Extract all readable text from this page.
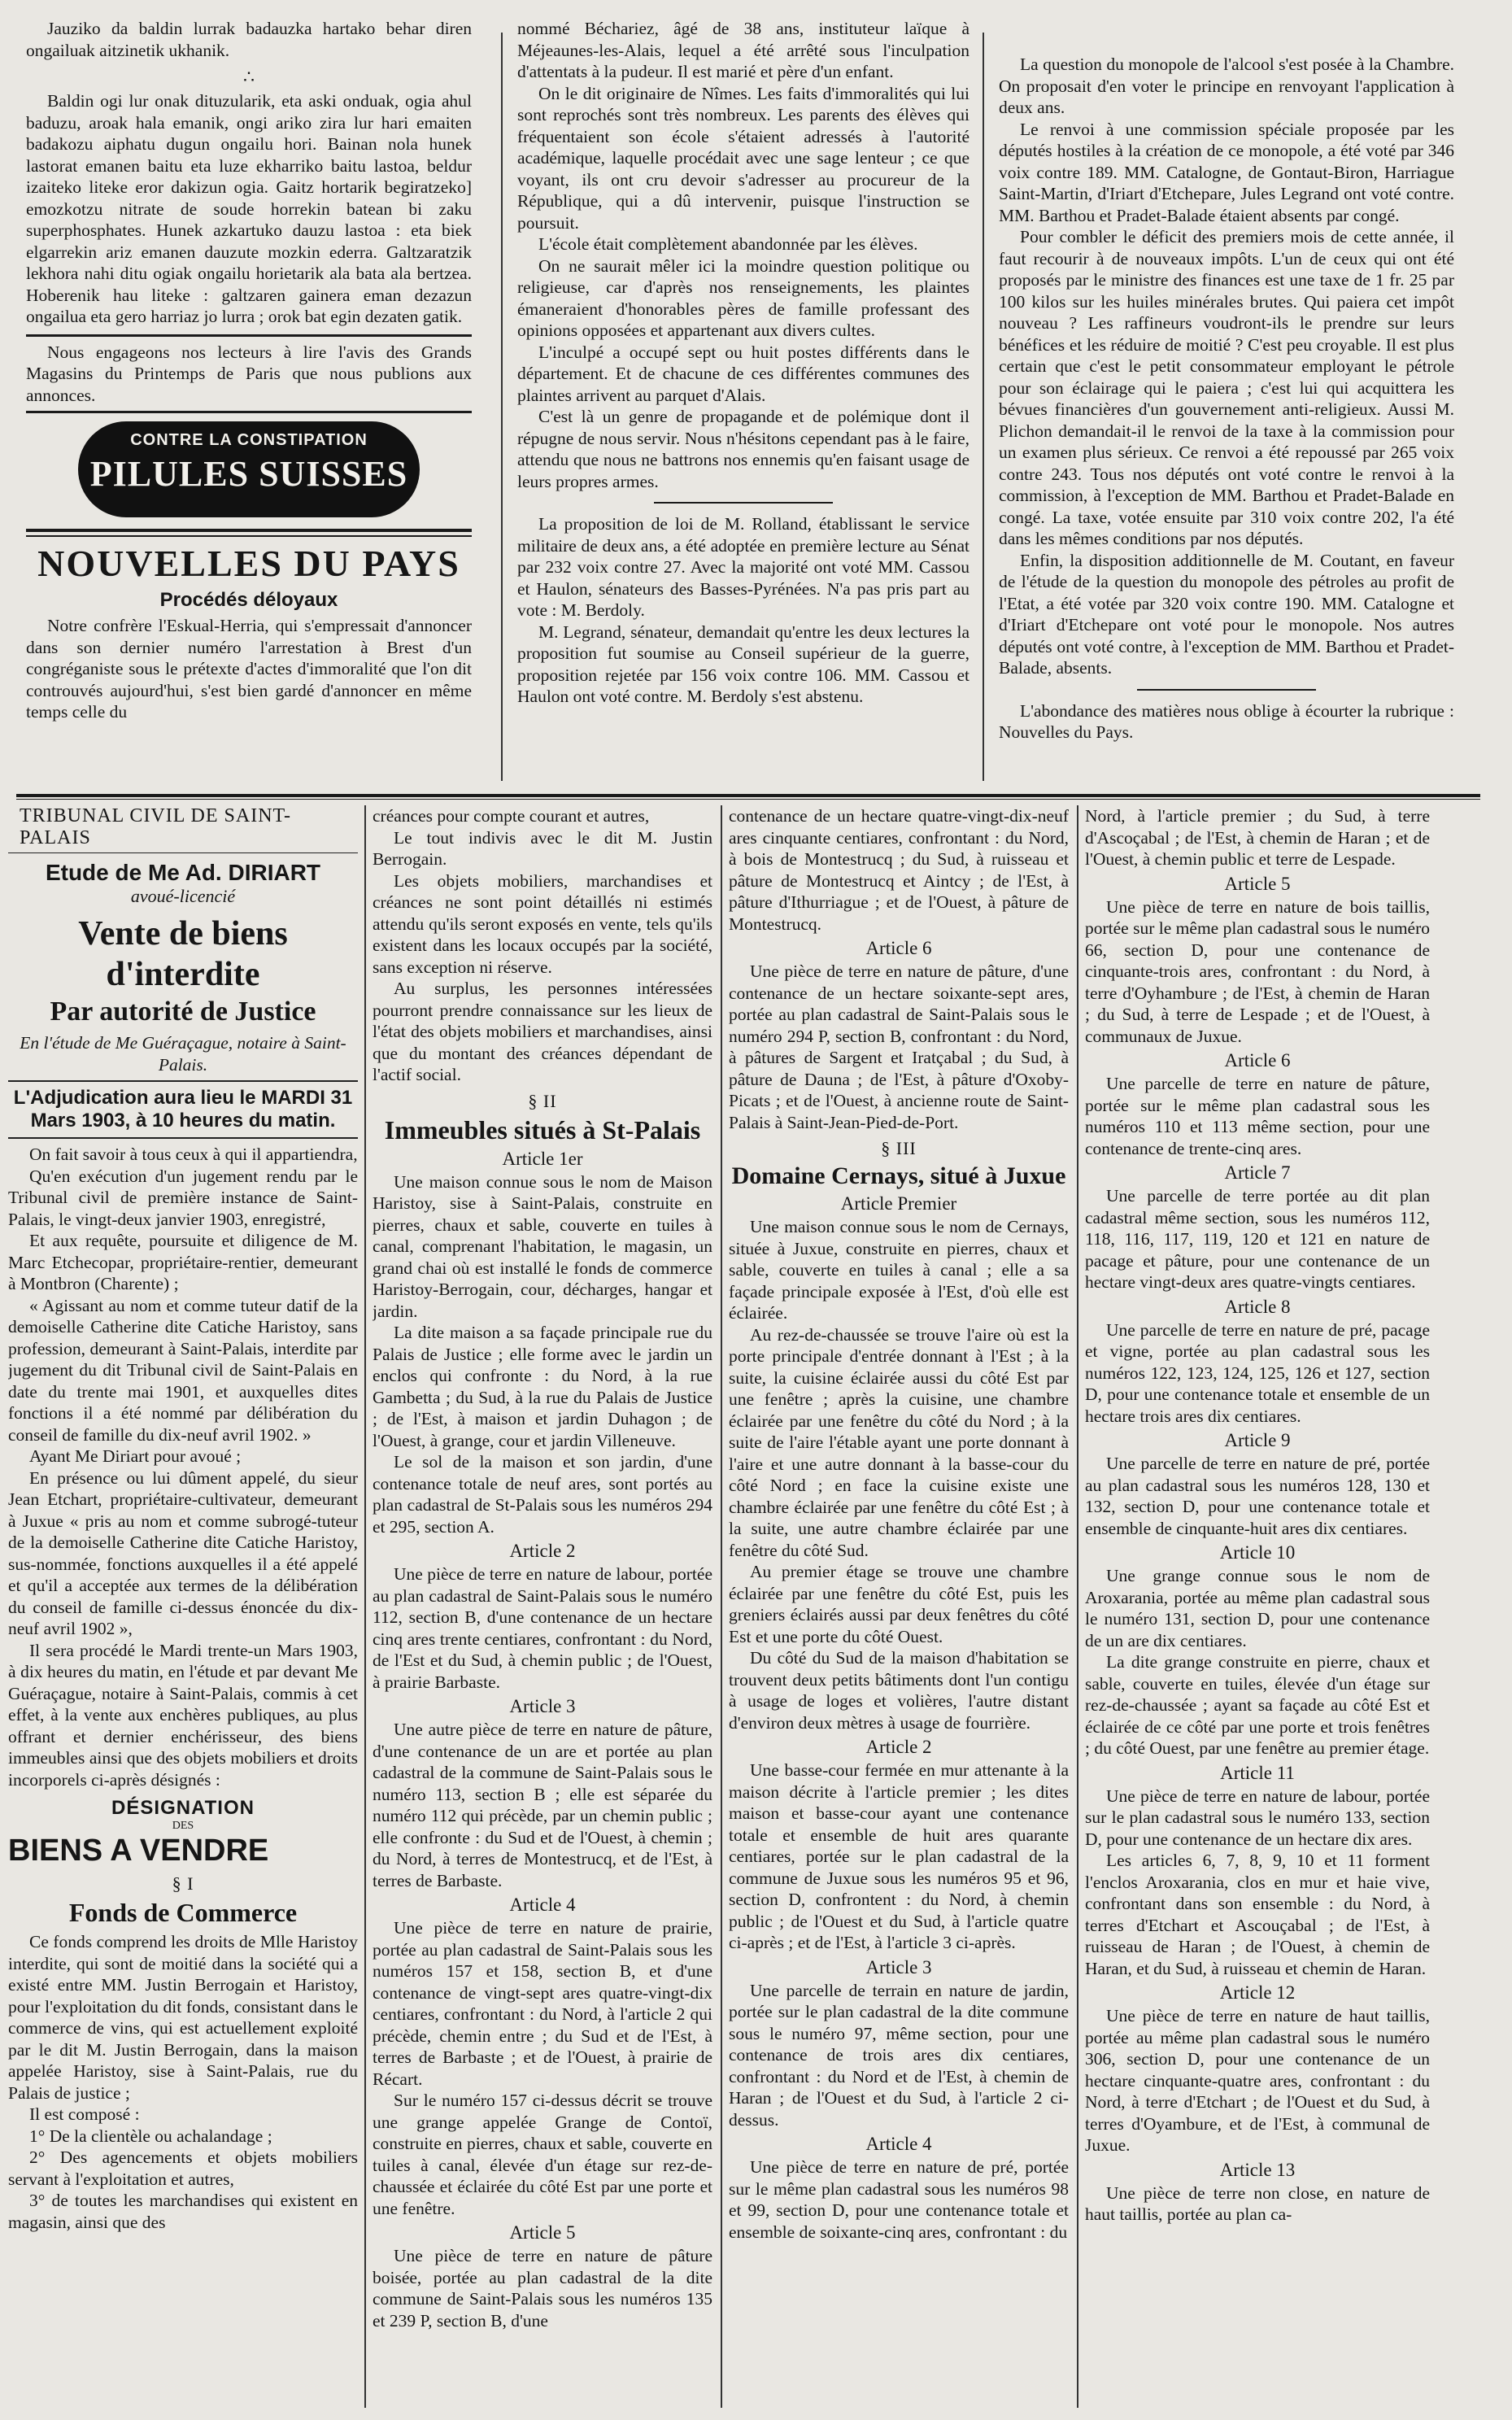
Jauziko da baldin lurrak badauzka hartako behar diren ongailuak aitzinetik ukhanik.

∴

Baldin ogi lur onak dituzularik, eta aski onduak, ogia ahul baduzu, aroak hala emanik, ongi ariko zira lur hari emaiten badakozu aiphatu dugun ongailu hori. Bainan nola hunek lastorat emanen baitu eta luze ekharriko baitu lastoa, beldur izaiteko liteke eror dakizun ogia. Gaitz hortarik begiratzeko] emozkotzu nitrate de soude horrekin batean bi zaku superphosphates. Hunek azkartuko dauzu lastoa : eta biek elgarrekin ariz emanen dauzute mozkin ederra. Galtzaratzik lekhora nahi ditu ogiak ongailu horietarik ala bata ala bertzea. Hoberenik hau liteke : galtzaren gainera eman dezazun ongailua eta gero harriaz jo lurra ; orok bat egin dezaten gatik.

Nous engageons nos lecteurs à lire l'avis des Grands Magasins du Printemps de Paris que nous publions aux annonces.

CONTRE LA CONSTIPATION
PILULES SUISSES
NOUVELLES DU PAYS
Procédés déloyaux

Notre confrère l'Eskual-Herria, qui s'empressait d'annoncer dans son dernier numéro l'arrestation à Brest d'un congréganiste sous le prétexte d'actes d'immoralité que l'on dit controuvés aujourd'hui, s'est bien gardé d'annoncer en même temps celle du

nommé Béchariez, âgé de 38 ans, instituteur laïque à Méjeaunes-les-Alais, lequel a été arrêté sous l'inculpation d'attentats à la pudeur. Il est marié et père d'un enfant.

On le dit originaire de Nîmes. Les faits d'immoralités qui lui sont reprochés sont très nombreux. Les parents des élèves qui fréquentaient son école s'étaient adressés à l'autorité académique, laquelle procédait avec une sage lenteur ; ce que voyant, ils ont cru devoir s'adresser au procureur de la République, qui a dû intervenir, puisque l'instruction se poursuit.

L'école était complètement abandonnée par les élèves.

On ne saurait mêler ici la moindre question politique ou religieuse, car d'après nos renseignements, les plaintes émaneraient d'honorables pères de famille professant des opinions opposées et appartenant aux divers cultes.

L'inculpé a occupé sept ou huit postes différents dans le département. Et de chacune de ces différentes communes des plaintes arrivent au parquet d'Alais.

C'est là un genre de propagande et de polémique dont il répugne de nous servir. Nous n'hésitons cependant pas à le faire, attendu que nous ne battrons nos ennemis qu'en faisant usage de leurs propres armes.

La proposition de loi de M. Rolland, établissant le service militaire de deux ans, a été adoptée en première lecture au Sénat par 232 voix contre 27. Avec la majorité ont voté MM. Cassou et Haulon, sénateurs des Basses-Pyrénées. N'a pas pris part au vote : M. Berdoly.

M. Legrand, sénateur, demandait qu'entre les deux lectures la proposition fut soumise au Conseil supérieur de la guerre, proposition rejetée par 156 voix contre 106. MM. Cassou et Haulon ont voté contre. M. Berdoly s'est abstenu.

La question du monopole de l'alcool s'est posée à la Chambre. On proposait d'en voter le principe en renvoyant l'application à deux ans.

Le renvoi à une commission spéciale proposée par les députés hostiles à la création de ce monopole, a été voté par 346 voix contre 189. MM. Catalogne, de Gontaut-Biron, Harriague Saint-Martin, d'Iriart d'Etchepare, Jules Legrand ont voté contre. MM. Barthou et Pradet-Balade étaient absents par congé.

Pour combler le déficit des premiers mois de cette année, il faut recourir à de nouveaux impôts. L'un de ceux qui ont été proposés par le ministre des finances est une taxe de 1 fr. 25 par 100 kilos sur les huiles minérales brutes. Qui paiera cet impôt nouveau ? Les raffineurs voudront-ils le prendre sur leurs bénéfices et les réduire de moitié ? C'est peu croyable. Il est plus certain que c'est le petit consommateur employant le pétrole pour son éclairage qui le paiera ; c'est lui qui acquittera les bévues financières d'un gouvernement anti-religieux. Aussi M. Plichon demandait-il le renvoi de la taxe à la commission pour un examen plus sérieux. Ce renvoi a été repoussé par 265 voix contre 243. Tous nos députés ont voté contre le renvoi à la commission, à l'exception de MM. Barthou et Pradet-Balade en congé. La taxe, votée ensuite par 310 voix contre 202, l'a été dans les mêmes conditions par nos députés.

Enfin, la disposition additionnelle de M. Coutant, en faveur de l'étude de la question du monopole des pétroles au profit de l'Etat, a été votée par 320 voix contre 190. MM. Catalogne et d'Iriart d'Etchepare ont voté pour le monopole. Nos autres députés ont voté contre, à l'exception de MM. Barthou et Pradet-Balade, absents.

L'abondance des matières nous oblige à écourter la rubrique : Nouvelles du Pays.

TRIBUNAL CIVIL DE SAINT-PALAIS
Etude de Me Ad. DIRIART
avoué-licencié
Vente de biens d'interdite
Par autorité de Justice

En l'étude de Me Guéraçague, notaire à Saint-Palais.

L'Adjudication aura lieu le MARDI 31 Mars 1903, à 10 heures du matin.

On fait savoir à tous ceux à qui il appartiendra,

Qu'en exécution d'un jugement rendu par le Tribunal civil de première instance de Saint-Palais, le vingt-deux janvier 1903, enregistré,

Et aux requête, poursuite et diligence de M. Marc Etchecopar, propriétaire-rentier, demeurant à Montbron (Charente) ;

« Agissant au nom et comme tuteur datif de la demoiselle Catherine dite Catiche Haristoy, sans profession, demeurant à Saint-Palais, interdite par jugement du dit Tribunal civil de Saint-Palais en date du trente mai 1901, et auxquelles dites fonctions il a été nommé par délibération du conseil de famille du dix-neuf avril 1902. »

Ayant Me Diriart pour avoué ;

En présence ou lui dûment appelé, du sieur Jean Etchart, propriétaire-cultivateur, demeurant à Juxue « pris au nom et comme subrogé-tuteur de la demoiselle Catherine dite Catiche Haristoy, sus-nommée, fonctions auxquelles il a été appelé et qu'il a acceptée aux termes de la délibération du conseil de famille ci-dessus énoncée du dix-neuf avril 1902 »,

Il sera procédé le Mardi trente-un Mars 1903, à dix heures du matin, en l'étude et par devant Me Guéraçague, notaire à Saint-Palais, commis à cet effet, à la vente aux enchères publiques, au plus offrant et dernier enchérisseur, des biens immeubles ainsi que des objets mobiliers et droits incorporels ci-après désignés :

DÉSIGNATION
DES
BIENS A VENDRE
§ I
Fonds de Commerce

Ce fonds comprend les droits de Mlle Haristoy interdite, qui sont de moitié dans la société qui a existé entre MM. Justin Berrogain et Haristoy, pour l'exploitation du dit fonds, consistant dans le commerce de vins, qui est actuellement exploité par le dit M. Justin Berrogain, dans la maison appelée Haristoy, sise à Saint-Palais, rue du Palais de justice ;

Il est composé :

1° De la clientèle ou achalandage ;

2° Des agencements et objets mobiliers servant à l'exploitation et autres,

3° de toutes les marchandises qui existent en magasin, ainsi que des

créances pour compte courant et autres,

Le tout indivis avec le dit M. Justin Berrogain.

Les objets mobiliers, marchandises et créances ne sont point détaillés ni estimés attendu qu'ils seront exposés en vente, tels qu'ils existent dans les locaux occupés par la société, sans exception ni réserve.

Au surplus, les personnes intéressées pourront prendre connaissance sur les lieux de l'état des objets mobiliers et marchandises, ainsi que du montant des créances dépendant de l'actif social.

§ II
Immeubles situés à St-Palais
Article 1er

Une maison connue sous le nom de Maison Haristoy, sise à Saint-Palais, construite en pierres, chaux et sable, couverte en tuiles à canal, comprenant l'habitation, le magasin, un grand chai où est installé le fonds de commerce Haristoy-Berrogain, cour, décharges, hangar et jardin.

La dite maison a sa façade principale rue du Palais de Justice ; elle forme avec le jardin un enclos qui confronte : du Nord, à la rue Gambetta ; du Sud, à la rue du Palais de Justice ; de l'Est, à maison et jardin Duhagon ; de l'Ouest, à grange, cour et jardin Villeneuve.

Le sol de la maison et son jardin, d'une contenance totale de neuf ares, sont portés au plan cadastral de St-Palais sous les numéros 294 et 295, section A.

Article 2

Une pièce de terre en nature de labour, portée au plan cadastral de Saint-Palais sous le numéro 112, section B, d'une contenance de un hectare cinq ares trente centiares, confrontant : du Nord, de l'Est et du Sud, à chemin public ; de l'Ouest, à prairie Barbaste.

Article 3

Une autre pièce de terre en nature de pâture, d'une contenance de un are et portée au plan cadastral de la commune de Saint-Palais sous le numéro 113, section B ; elle est séparée du numéro 112 qui précède, par un chemin public ; elle confronte : du Sud et de l'Ouest, à chemin ; du Nord, à terres de Montestrucq, et de l'Est, à terres de Barbaste.

Article 4

Une pièce de terre en nature de prairie, portée au plan cadastral de Saint-Palais sous les numéros 157 et 158, section B, et d'une contenance de vingt-sept ares quatre-vingt-dix centiares, confrontant : du Nord, à l'article 2 qui précède, chemin entre ; du Sud et de l'Est, à terres de Barbaste ; et de l'Ouest, à prairie de Récart.

Sur le numéro 157 ci-dessus décrit se trouve une grange appelée Grange de Contoï, construite en pierres, chaux et sable, couverte en tuiles à canal, élevée d'un étage sur rez-de-chaussée et éclairée du côté Est par une porte et une fenêtre.

Article 5

Une pièce de terre en nature de pâture boisée, portée au plan cadastral de la dite commune de Saint-Palais sous les numéros 135 et 239 P, section B, d'une

contenance de un hectare quatre-vingt-dix-neuf ares cinquante centiares, confrontant : du Nord, à bois de Montestrucq ; du Sud, à ruisseau et pâture de Montestrucq et Aintcy ; de l'Est, à pâture d'Ithurriague ; et de l'Ouest, à pâture de Montestrucq.

Article 6

Une pièce de terre en nature de pâture, d'une contenance de un hectare soixante-sept ares, portée au plan cadastral de Saint-Palais sous le numéro 294 P, section B, confrontant : du Nord, à pâtures de Sargent et Iratçabal ; du Sud, à pâture de Dauna ; de l'Est, à pâture d'Oxoby-Picats ; et de l'Ouest, à ancienne route de Saint-Palais à Saint-Jean-Pied-de-Port.

§ III
Domaine Cernays, situé à Juxue
Article Premier

Une maison connue sous le nom de Cernays, située à Juxue, construite en pierres, chaux et sable, couverte en tuiles à canal ; elle a sa façade principale exposée à l'Est, d'où elle est éclairée.

Au rez-de-chaussée se trouve l'aire où est la porte principale d'entrée donnant à l'Est ; à la suite, la cuisine éclairée aussi du côté Est par une fenêtre ; après la cuisine, une chambre éclairée par une fenêtre du côté du Nord ; à la suite de l'aire l'étable ayant une porte donnant à l'aire et une autre donnant à la basse-cour du côté Nord ; en face la cuisine existe une chambre éclairée par une fenêtre du côté Est ; à la suite, une autre chambre éclairée par une fenêtre du côté Sud.

Au premier étage se trouve une chambre éclairée par une fenêtre du côté Est, puis les greniers éclairés aussi par deux fenêtres du côté Est et une porte du côté Ouest.

Du côté du Sud de la maison d'habitation se trouvent deux petits bâtiments dont l'un contigu à usage de loges et volières, l'autre distant d'environ deux mètres à usage de fourrière.

Article 2

Une basse-cour fermée en mur attenante à la maison décrite à l'article premier ; les dites maison et basse-cour ayant une contenance totale et ensemble de huit ares quarante centiares, portée sur le plan cadastral de la commune de Juxue sous les numéros 95 et 96, section D, confrontent : du Nord, à chemin public ; de l'Ouest et du Sud, à l'article quatre ci-après ; et de l'Est, à l'article 3 ci-après.

Article 3

Une parcelle de terrain en nature de jardin, portée sur le plan cadastral de la dite commune sous le numéro 97, même section, pour une contenance de trois ares dix centiares, confrontant : du Nord et de l'Est, à chemin de Haran ; de l'Ouest et du Sud, à l'article 2 ci-dessus.

Article 4

Une pièce de terre en nature de pré, portée sur le même plan cadastral sous les numéros 98 et 99, section D, pour une contenance totale et ensemble de soixante-cinq ares, confrontant : du

Nord, à l'article premier ; du Sud, à terre d'Ascoçabal ; de l'Est, à chemin de Haran ; et de l'Ouest, à chemin public et terre de Lespade.

Article 5

Une pièce de terre en nature de bois taillis, portée sur le même plan cadastral sous le numéro 66, section D, pour une contenance de cinquante-trois ares, confrontant : du Nord, à terre d'Oyhambure ; de l'Est, à chemin de Haran ; du Sud, à terre de Lespade ; et de l'Ouest, à communaux de Juxue.

Article 6

Une parcelle de terre en nature de pâture, portée sur le même plan cadastral sous les numéros 110 et 113 même section, pour une contenance de trente-cinq ares.

Article 7

Une parcelle de terre portée au dit plan cadastral même section, sous les numéros 112, 118, 116, 117, 119, 120 et 121 en nature de pacage et pâture, pour une contenance de un hectare vingt-deux ares quatre-vingts centiares.

Article 8

Une parcelle de terre en nature de pré, pacage et vigne, portée au plan cadastral sous les numéros 122, 123, 124, 125, 126 et 127, section D, pour une contenance totale et ensemble de un hectare trois ares dix centiares.

Article 9

Une parcelle de terre en nature de pré, portée au plan cadastral sous les numéros 128, 130 et 132, section D, pour une contenance totale et ensemble de cinquante-huit ares dix centiares.

Article 10

Une grange connue sous le nom de Aroxarania, portée au même plan cadastral sous le numéro 131, section D, pour une contenance de un are dix centiares.

La dite grange construite en pierre, chaux et sable, couverte en tuiles, élevée d'un étage sur rez-de-chaussée ; ayant sa façade au côté Est et éclairée de ce côté par une porte et trois fenêtres ; du côté Ouest, par une fenêtre au premier étage.

Article 11

Une pièce de terre en nature de labour, portée sur le plan cadastral sous le numéro 133, section D, pour une contenance de un hectare dix ares.

Les articles 6, 7, 8, 9, 10 et 11 forment l'enclos Aroxarania, clos en mur et haie vive, confrontant dans son ensemble : du Nord, à terres d'Etchart et Ascouçabal ; de l'Est, à ruisseau de Haran ; de l'Ouest, à chemin de Haran, et du Sud, à ruisseau et chemin de Haran.

Article 12

Une pièce de terre en nature de haut taillis, portée au même plan cadastral sous le numéro 306, section D, pour une contenance de un hectare cinquante-quatre ares, confrontant : du Nord, à terre d'Etchart ; de l'Ouest et du Sud, à terres d'Oyambure, et de l'Est, à communal de Juxue.

Article 13

Une pièce de terre non close, en nature de haut taillis, portée au plan ca-
